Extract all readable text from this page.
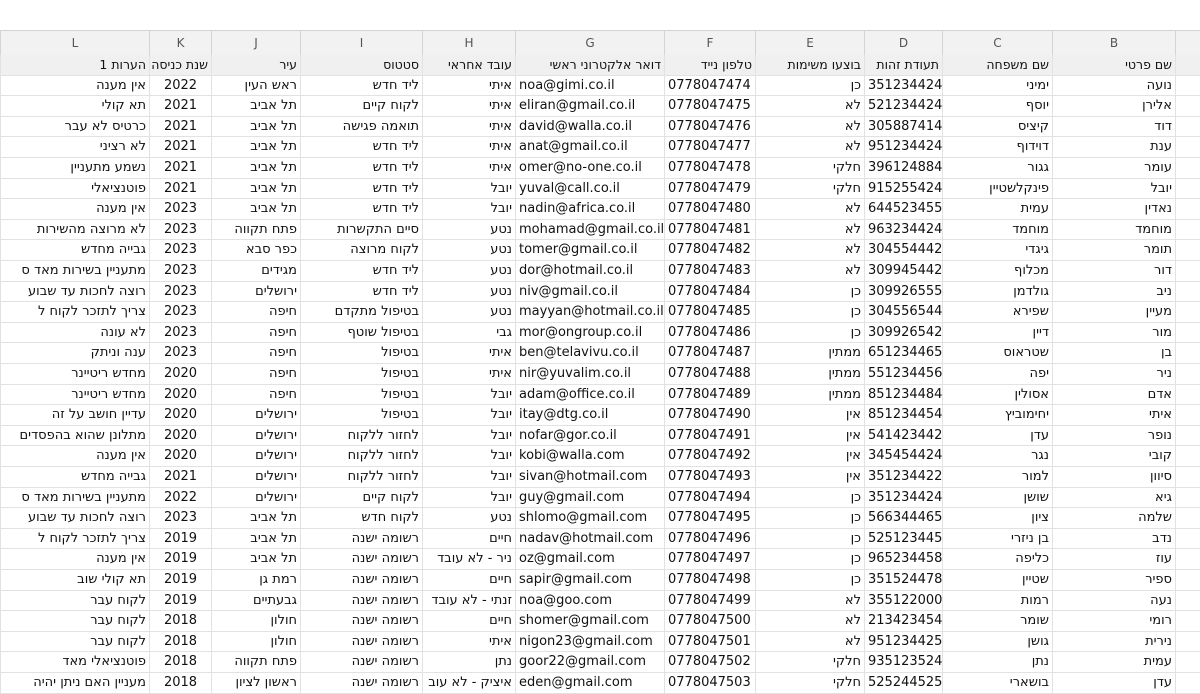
B
C
D
E
F
G
H
I
J
K
L
שם פרטי
שם משפחה
תעודת זהות
בוצעו משימות
טלפון נייד
דואר אלקטרוני ראשי
עובד אחראי
סטטוס
עיר
שנת כניסה
הערות 1
נועה
ימיני
351234424
כן
0778047474
noa@gimi.co.il
איתי
ליד חדש
ראש העין
2022
אין מענה
אלירן
יוסף
521234424
לא
0778047475
eliran@gmail.co.il
איתי
לקוח קיים
תל אביב
2021
תא קולי
דוד
קיציס
305887414
לא
0778047476
david@walla.co.il
איתי
תואמה פגישה
תל אביב
2021
כרטיס לא עבר
ענת
דוידוף
951234424
לא
0778047477
anat@gmail.co.il
איתי
ליד חדש
תל אביב
2021
לא רציני
עומר
גגור
396124884
חלקי
0778047478
omer@no-one.co.il
איתי
ליד חדש
תל אביב
2021
נשמע מתעניין
יובל
פינקלשטיין
915255424
חלקי
0778047479
yuval@call.co.il
יובל
ליד חדש
תל אביב
2021
פוטנציאלי
נאדין
עמית
644523455
לא
0778047480
nadin@africa.co.il
יובל
ליד חדש
תל אביב
2023
אין מענה
מוחמד
מוחמד
963234424
לא
0778047481
mohamad@gmail.co.il
נטע
סיים התקשרות
פתח תקווה
2023
לא מרוצה מהשירות
תומר
גיגדי
304554442
לא
0778047482
tomer@gmail.co.il
נטע
לקוח מרוצה
כפר סבא
2023
גבייה מחדש
דור
מכלוף
309945442
לא
0778047483
dor@hotmail.co.il
נטע
ליד חדש
מגידים
2023
מתעניין בשירות מאד ס
ניב
גולדמן
309926555
כן
0778047484
niv@gmail.co.il
נטע
ליד חדש
ירושלים
2023
רוצה לחכות עד שבוע
מעיין
שפירא
304556544
כן
0778047485
mayyan@hotmail.co.il
נטע
בטיפול מתקדם
חיפה
2023
צריך לתזכר לקוח ל
מור
דיין
309926542
כן
0778047486
mor@ongroup.co.il
גבי
בטיפול שוטף
חיפה
2023
לא עונה
בן
שטראוס
651234465
ממתין
0778047487
ben@telavivu.co.il
איתי
בטיפול
חיפה
2023
ענה וניתק
ניר
יפה
551234456
ממתין
0778047488
nir@yuvalim.co.il
איתי
בטיפול
חיפה
2020
מחדש ריטיינר
אדם
אסולין
851234484
ממתין
0778047489
adam@office.co.il
יובל
בטיפול
חיפה
2020
מחדש ריטיינר
איתי
יחימוביץ
851234454
אין
0778047490
itay@dtg.co.il
יובל
בטיפול
ירושלים
2020
עדיין חושב על זה
נופר
עדן
541423442
אין
0778047491
nofar@gor.co.il
יובל
לחזור ללקוח
ירושלים
2020
מתלונן שהוא בהפסדים
קובי
נגר
345454424
אין
0778047492
kobi@walla.com
יובל
לחזור ללקוח
ירושלים
2020
אין מענה
סיוון
למור
351234422
אין
0778047493
sivan@hotmail.com
יובל
לחזור ללקוח
ירושלים
2021
גבייה מחדש
גיא
שושן
351234424
כן
0778047494
guy@gmail.com
יובל
לקוח קיים
ירושלים
2022
מתעניין בשירות מאד ס
שלמה
ציון
566344465
כן
0778047495
shlomo@gmail.com
נטע
לקוח חדש
תל אביב
2023
רוצה לחכות עד שבוע
נדב
בן ניזרי
525123445
כן
0778047496
nadav@hotmail.com
חיים
רשומה ישנה
תל אביב
2019
צריך לתזכר לקוח ל
עוז
כליפה
965234458
כן
0778047497
oz@gmail.com
ניר - לא עובד
רשומה ישנה
תל אביב
2019
אין מענה
ספיר
שטיין
351524478
כן
0778047498
sapir@gmail.com
חיים
רשומה ישנה
רמת גן
2019
תא קולי שוב
נעה
רמות
355122000
לא
0778047499
noa@goo.com
זנתי - לא עובד
רשומה ישנה
גבעתיים
2019
לקוח עבר
רומי
שומר
213423454
לא
0778047500
shomer@gmail.com
חיים
רשומה ישנה
חולון
2018
לקוח עבר
נירית
גושן
951234425
לא
0778047501
nigon23@gmail.com
איתי
רשומה ישנה
חולון
2018
לקוח עבר
עמית
נתן
935123524
חלקי
0778047502
goor22@gmail.com
נתן
רשומה ישנה
פתח תקווה
2018
פוטנציאלי מאד
עדן
בושארי
525244525
חלקי
0778047503
eden@gmail.com
איציק - לא עוב
רשומה ישנה
ראשון לציון
2018
מעניין האם ניתן יהיה
